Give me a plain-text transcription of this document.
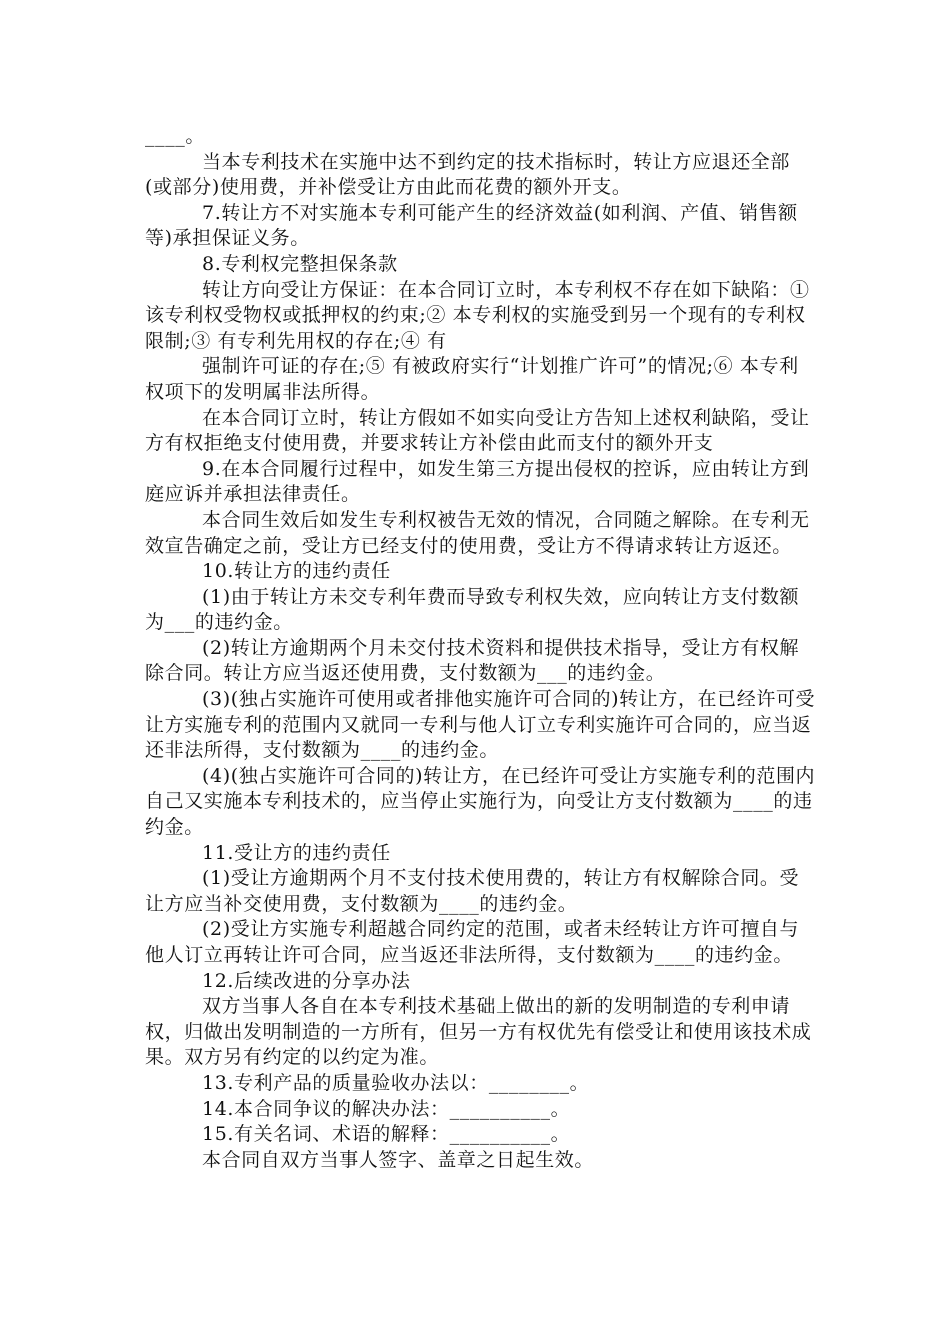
____。

当本专利技术在实施中达不到约定的技术指标时，转让方应退还全部(或部分)使用费，并补偿受让方由此而花费的额外开支。

7.转让方不对实施本专利可能产生的经济效益(如利润、产值、销售额等)承担保证义务。

8.专利权完整担保条款

转让方向受让方保证：在本合同订立时，本专利权不存在如下缺陷：①该专利权受物权或抵押权的约束;② 本专利权的实施受到另一个现有的专利权限制;③ 有专利先用权的存在;④ 有

强制许可证的存在;⑤ 有被政府实行“计划推广许可”的情况;⑥ 本专利权项下的发明属非法所得。

在本合同订立时，转让方假如不如实向受让方告知上述权利缺陷，受让方有权拒绝支付使用费，并要求转让方补偿由此而支付的额外开支

9.在本合同履行过程中，如发生第三方提出侵权的控诉，应由转让方到庭应诉并承担法律责任。

本合同生效后如发生专利权被告无效的情况，合同随之解除。在专利无效宣告确定之前，受让方已经支付的使用费，受让方不得请求转让方返还。

10.转让方的违约责任

(1)由于转让方未交专利年费而导致专利权失效，应向转让方支付数额为___的违约金。

(2)转让方逾期两个月未交付技术资料和提供技术指导，受让方有权解除合同。转让方应当返还使用费，支付数额为___的违约金。

(3)(独占实施许可使用或者排他实施许可合同的)转让方，在已经许可受让方实施专利的范围内又就同一专利与他人订立专利实施许可合同的，应当返还非法所得，支付数额为____的违约金。

(4)(独占实施许可合同的)转让方，在已经许可受让方实施专利的范围内自己又实施本专利技术的，应当停止实施行为，向受让方支付数额为____的违约金。

11.受让方的违约责任

(1)受让方逾期两个月不支付技术使用费的，转让方有权解除合同。受让方应当补交使用费，支付数额为____的违约金。

(2)受让方实施专利超越合同约定的范围，或者未经转让方许可擅自与他人订立再转让许可合同，应当返还非法所得，支付数额为____的违约金。

12.后续改进的分享办法

双方当事人各自在本专利技术基础上做出的新的发明制造的专利申请权，归做出发明制造的一方所有，但另一方有权优先有偿受让和使用该技术成果。双方另有约定的以约定为准。

13.专利产品的质量验收办法以：________。

14.本合同争议的解决办法：__________。

15.有关名词、术语的解释：__________。

本合同自双方当事人签字、盖章之日起生效。
